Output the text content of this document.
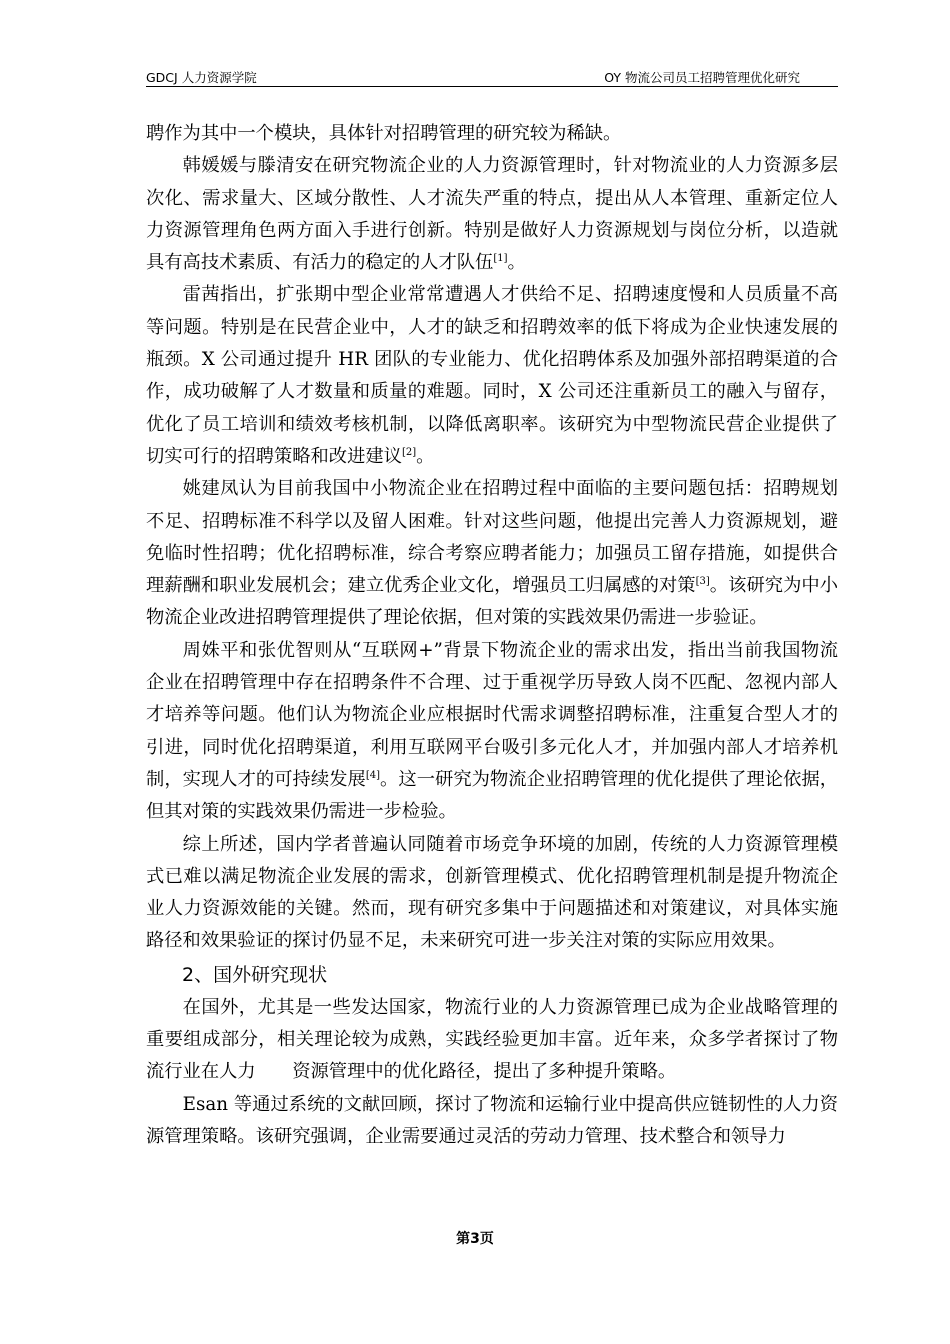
GDCJ 人力资源学院	OY 物流公司员工招聘管理优化研究

聘作为其中一个模块，具体针对招聘管理的研究较为稀缺。

韩媛媛与滕清安在研究物流企业的人力资源管理时，针对物流业的人力资源多层次化、需求量大、区域分散性、人才流失严重的特点，提出从人本管理、重新定位人力资源管理角色两方面入手进行创新。特别是做好人力资源规划与岗位分析，以造就具有高技术素质、有活力的稳定的人才队伍[1]。

雷茜指出，扩张期中型企业常常遭遇人才供给不足、招聘速度慢和人员质量不高等问题。特别是在民营企业中，人才的缺乏和招聘效率的低下将成为企业快速发展的瓶颈。X 公司通过提升 HR 团队的专业能力、优化招聘体系及加强外部招聘渠道的合作，成功破解了人才数量和质量的难题。同时，X 公司还注重新员工的融入与留存，优化了员工培训和绩效考核机制，以降低离职率。该研究为中型物流民营企业提供了切实可行的招聘策略和改进建议[2]。

姚建凤认为目前我国中小物流企业在招聘过程中面临的主要问题包括：招聘规划不足、招聘标准不科学以及留人困难。针对这些问题，他提出完善人力资源规划，避免临时性招聘；优化招聘标准，综合考察应聘者能力；加强员工留存措施，如提供合理薪酬和职业发展机会；建立优秀企业文化，增强员工归属感的对策[3]。该研究为中小物流企业改进招聘管理提供了理论依据，但对策的实践效果仍需进一步验证。

周姝平和张优智则从“互联网+”背景下物流企业的需求出发，指出当前我国物流企业在招聘管理中存在招聘条件不合理、过于重视学历导致人岗不匹配、忽视内部人才培养等问题。他们认为物流企业应根据时代需求调整招聘标准，注重复合型人才的引进，同时优化招聘渠道，利用互联网平台吸引多元化人才，并加强内部人才培养机制，实现人才的可持续发展[4]。这一研究为物流企业招聘管理的优化提供了理论依据，但其对策的实践效果仍需进一步检验。

综上所述，国内学者普遍认同随着市场竞争环境的加剧，传统的人力资源管理模式已难以满足物流企业发展的需求，创新管理模式、优化招聘管理机制是提升物流企业人力资源效能的关键。然而，现有研究多集中于问题描述和对策建议，对具体实施路径和效果验证的探讨仍显不足，未来研究可进一步关注对策的实际应用效果。

2、国外研究现状

在国外，尤其是一些发达国家，物流行业的人力资源管理已成为企业战略管理的重要组成部分，相关理论较为成熟，实践经验更加丰富。近年来，众多学者探讨了物流行业在人力　　资源管理中的优化路径，提出了多种提升策略。

Esan 等通过系统的文献回顾，探讨了物流和运输行业中提高供应链韧性的人力资源管理策略。该研究强调，企业需要通过灵活的劳动力管理、技术整合和领导力

第3页
